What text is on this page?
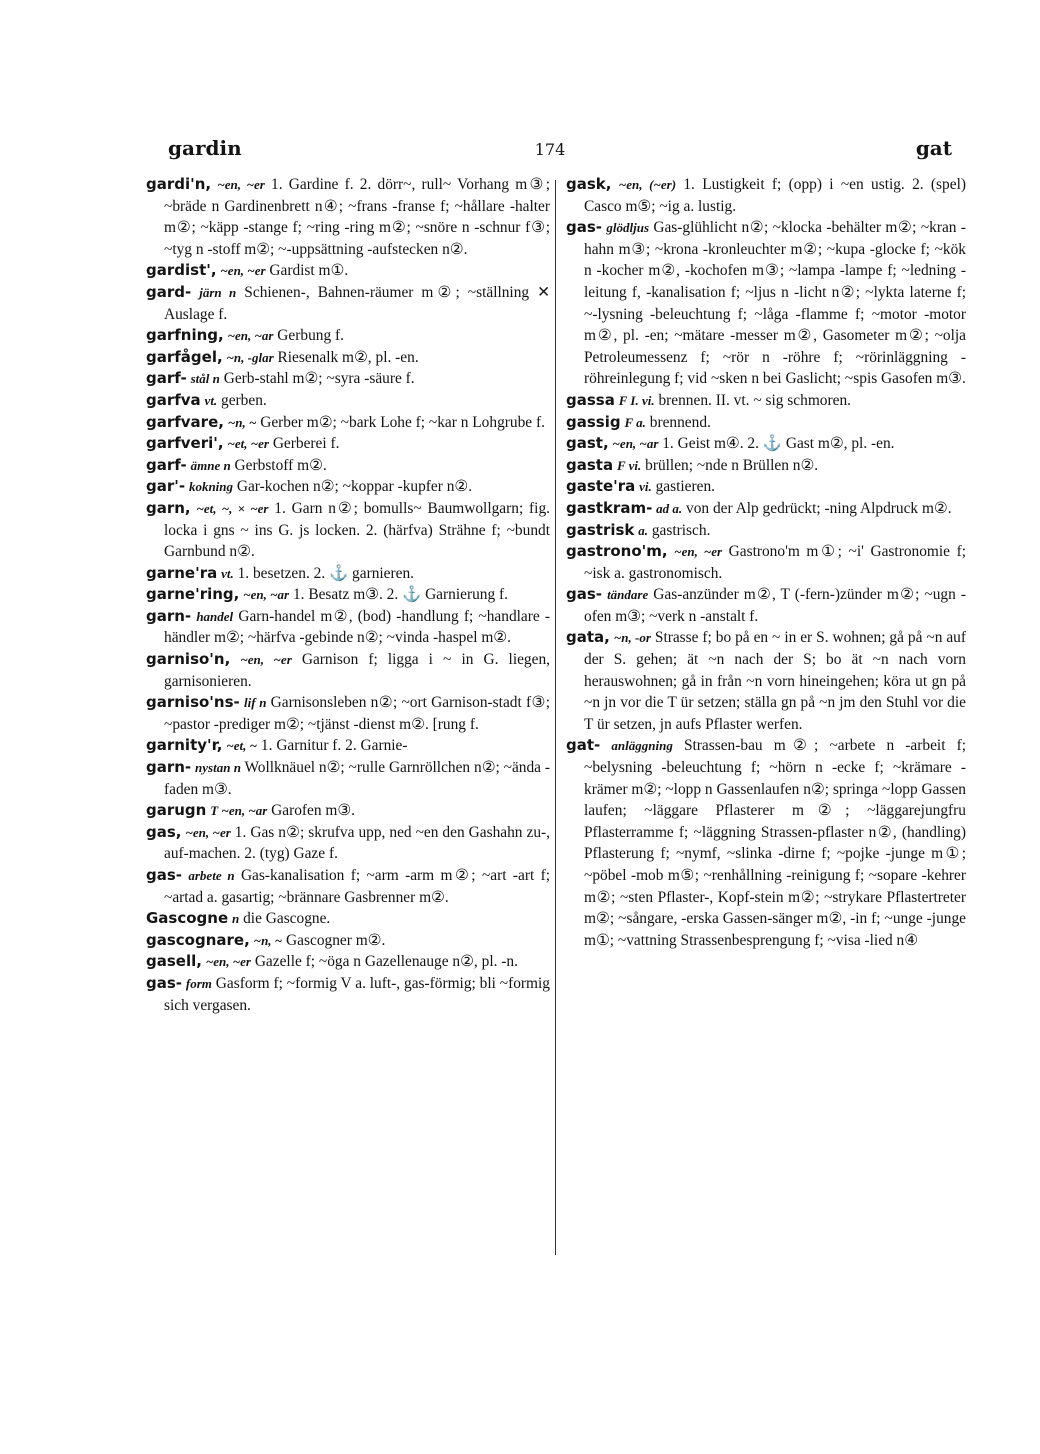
gardin	174	gat

gardi'n, ~en, ~er 1. Gardine f. 2. dörr~, rull~ Vorhang m③; ~bräde n Gardinenbrett n④; ~frans -franse f; ~hållare -halter m②; ~käpp -stange f; ~ring -ring m②; ~snöre n -schnur f③; ~tyg n -stoff m②; ~-uppsättning -aufstecken n②.

gardist', ~en, ~er Gardist m①.

gard- järn n Schienen-, Bahnen-räumer m②; ~ställning ✕ Auslage f.

garfning, ~en, ~ar Gerbung f.

garfågel, ~n, -glar Riesenalk m②, pl. -en.

garf- stål n Gerb-stahl m②; ~syra -säure f.

garfva vt. gerben.

garfvare, ~n, ~ Gerber m②; ~bark Lohe f; ~kar n Lohgrube f.

garfveri', ~et, ~er Gerberei f.

garf- ämne n Gerbstoff m②.

gar'- kokning Gar-kochen n②; ~koppar -kupfer n②.

garn, ~et, ~, × ~er 1. Garn n②; bomulls~ Baumwollgarn; fig. locka i gns ~ ins G. js locken. 2. (härfva) Strähne f; ~bundt Garnbund n②.

garne'ra vt. 1. besetzen. 2. ⚓ garnieren.

garne'ring, ~en, ~ar 1. Besatz m③. 2. ⚓ Garnierung f.

garn- handel Garn-handel m②, (bod) -handlung f; ~handlare -händler m②; ~härfva -gebinde n②; ~vinda -haspel m②.

garniso'n, ~en, ~er Garnison f; ligga i ~ in G. liegen, garnisonieren.

garniso'ns- lif n Garnisonsleben n②; ~ort Garnison-stadt f③; ~pastor -prediger m②; ~tjänst -dienst m②. [rung f.

garnity'r, ~et, ~ 1. Garnitur f. 2. Garnie-

garn- nystan n Wollknäuel n②; ~rulle Garnröllchen n②; ~ända -faden m③.

garugn T ~en, ~ar Garofen m③.

gas, ~en, ~er 1. Gas n②; skrufva upp, ned ~en den Gashahn zu-, auf-machen. 2. (tyg) Gaze f.

gas- arbete n Gas-kanalisation f; ~arm -arm m②; ~art -art f; ~artad a. gasartig; ~brännare Gasbrenner m②.

Gascogne n die Gascogne.

gascognare, ~n, ~ Gascogner m②.

gasell, ~en, ~er Gazelle f; ~öga n Gazellenauge n②, pl. -n.

gas- form Gasform f; ~formig V a. luft-, gas-förmig; bli ~formig sich vergasen.

gask, ~en, (~er) 1. Lustigkeit f; (opp) i ~en ustig. 2. (spel) Casco m⑤; ~ig a. lustig.

gas- glödljus Gas-glühlicht n②; ~klocka -behälter m②; ~kran -hahn m③; ~krona -kronleuchter m②; ~kupa -glocke f; ~kök n -kocher m②, -kochofen m③; ~lampa -lampe f; ~ledning -leitung f, -kanalisation f; ~ljus n -licht n②; ~lykta laterne f; ~-lysning -beleuchtung f; ~låga -flamme f; ~motor -motor m②, pl. -en; ~mätare -messer m②, Gasometer m②; ~olja Petroleumessenz f; ~rör n -röhre f; ~rörinläggning -röhreinlegung f; vid ~sken n bei Gaslicht; ~spis Gasofen m③.

gassa F I. vi. brennen. II. vt. ~ sig schmoren.

gassig F a. brennend.

gast, ~en, ~ar 1. Geist m④. 2. ⚓ Gast m②, pl. -en.

gasta F vi. brüllen; ~nde n Brüllen n②.

gaste'ra vi. gastieren.

gastkram- ad a. von der Alp gedrückt; -ning Alpdruck m②.

gastrisk a. gastrisch.

gastrono'm, ~en, ~er Gastrono'm m①; ~i' Gastronomie f; ~isk a. gastronomisch.

gas- tändare Gas-anzünder m②, T (-fern-)zünder m②; ~ugn -ofen m③; ~verk n -anstalt f.

gata, ~n, -or Strasse f; bo på en ~ in er S. wohnen; gå på ~n auf der S. gehen; ät ~n nach der S; bo ät ~n nach vorn herauswohnen; gå in från ~n vorn hineingehen; köra ut gn på ~n jn vor die T ür setzen; ställa gn på ~n jm den Stuhl vor die T ür setzen, jn aufs Pflaster werfen.

gat- anläggning Strassen-bau m②; ~arbete n -arbeit f; ~belysning -beleuchtung f; ~hörn n -ecke f; ~krämare -krämer m②; ~lopp n Gassenlaufen n②; springa ~lopp Gassen laufen; ~läggare Pflasterer m②; ~läggarejungfru Pflasterramme f; ~läggning Strassen-pflaster n②, (handling) Pflasterung f; ~nymf, ~slinka -dirne f; ~pojke -junge m①; ~pöbel -mob m⑤; ~renhållning -reinigung f; ~sopare -kehrer m②; ~sten Pflaster-, Kopf-stein m②; ~strykare Pflastertreter m②; ~sångare, -erska Gassen-sänger m②, -in f; ~unge -junge m①; ~vattning Strassenbesprengung f; ~visa -lied n④
